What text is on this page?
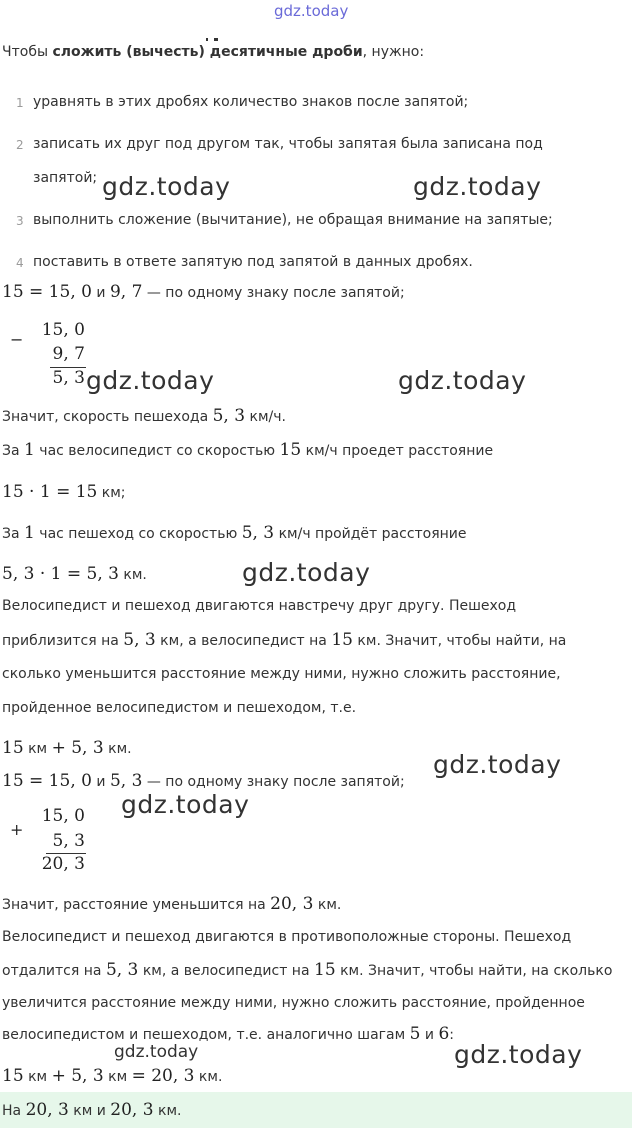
gdz.today
Чтобы сложить (вычесть) десятичные дроби, нужно:
1 уравнять в этих дробях количество знаков после запятой;
2 записать их друг под другом так, чтобы запятая была записана под
запятой;
3 выполнить сложение (вычитание), не обращая внимание на запятые;
4 поставить в ответе запятую под запятой в данных дробях.
gdz.today	gdz.today
15 = 15, 0 и 9, 7 — по одному знаку после запятой;
− 15, 0
9, 7
5, 3 gdz.today	gdz.today
Значит, скорость пешехода 5, 3 км/ч.
За 1 час велосипедист со скоростью 15 км/ч проедет расстояние
15 · 1 = 15 км;
За 1 час пешеход со скоростью 5, 3 км/ч пройдёт расстояние
5, 3 · 1 = 5, 3 км.	gdz.today
Велосипедист и пешеход двигаются навстречу друг другу. Пешеход
приблизится на 5, 3 км, а велосипедист на 15 км. Значит, чтобы найти, на
сколько уменьшится расстояние между ними, нужно сложить расстояние,
пройденное велосипедистом и пешеходом, т.е.
15 км + 5, 3 км.
gdz.today
15 = 15, 0 и 5, 3 — по одному знаку после запятой;
gdz.today
+
15, 0
5, 3
20, 3
Значит, расстояние уменьшится на 20, 3 км.
Велосипедист и пешеход двигаются в противоположные стороны. Пешеход
отдалится на 5, 3 км, а велосипедист на 15 км. Значит, чтобы найти, на сколько
увеличится расстояние между ними, нужно сложить расстояние, пройденное
велосипедистом и пешеходом, т.е. аналогично шагам 5 и 6:
gdz.today	gdz.today
15 км + 5, 3 км = 20, 3 км.
На 20, 3 км и 20, 3 км.
